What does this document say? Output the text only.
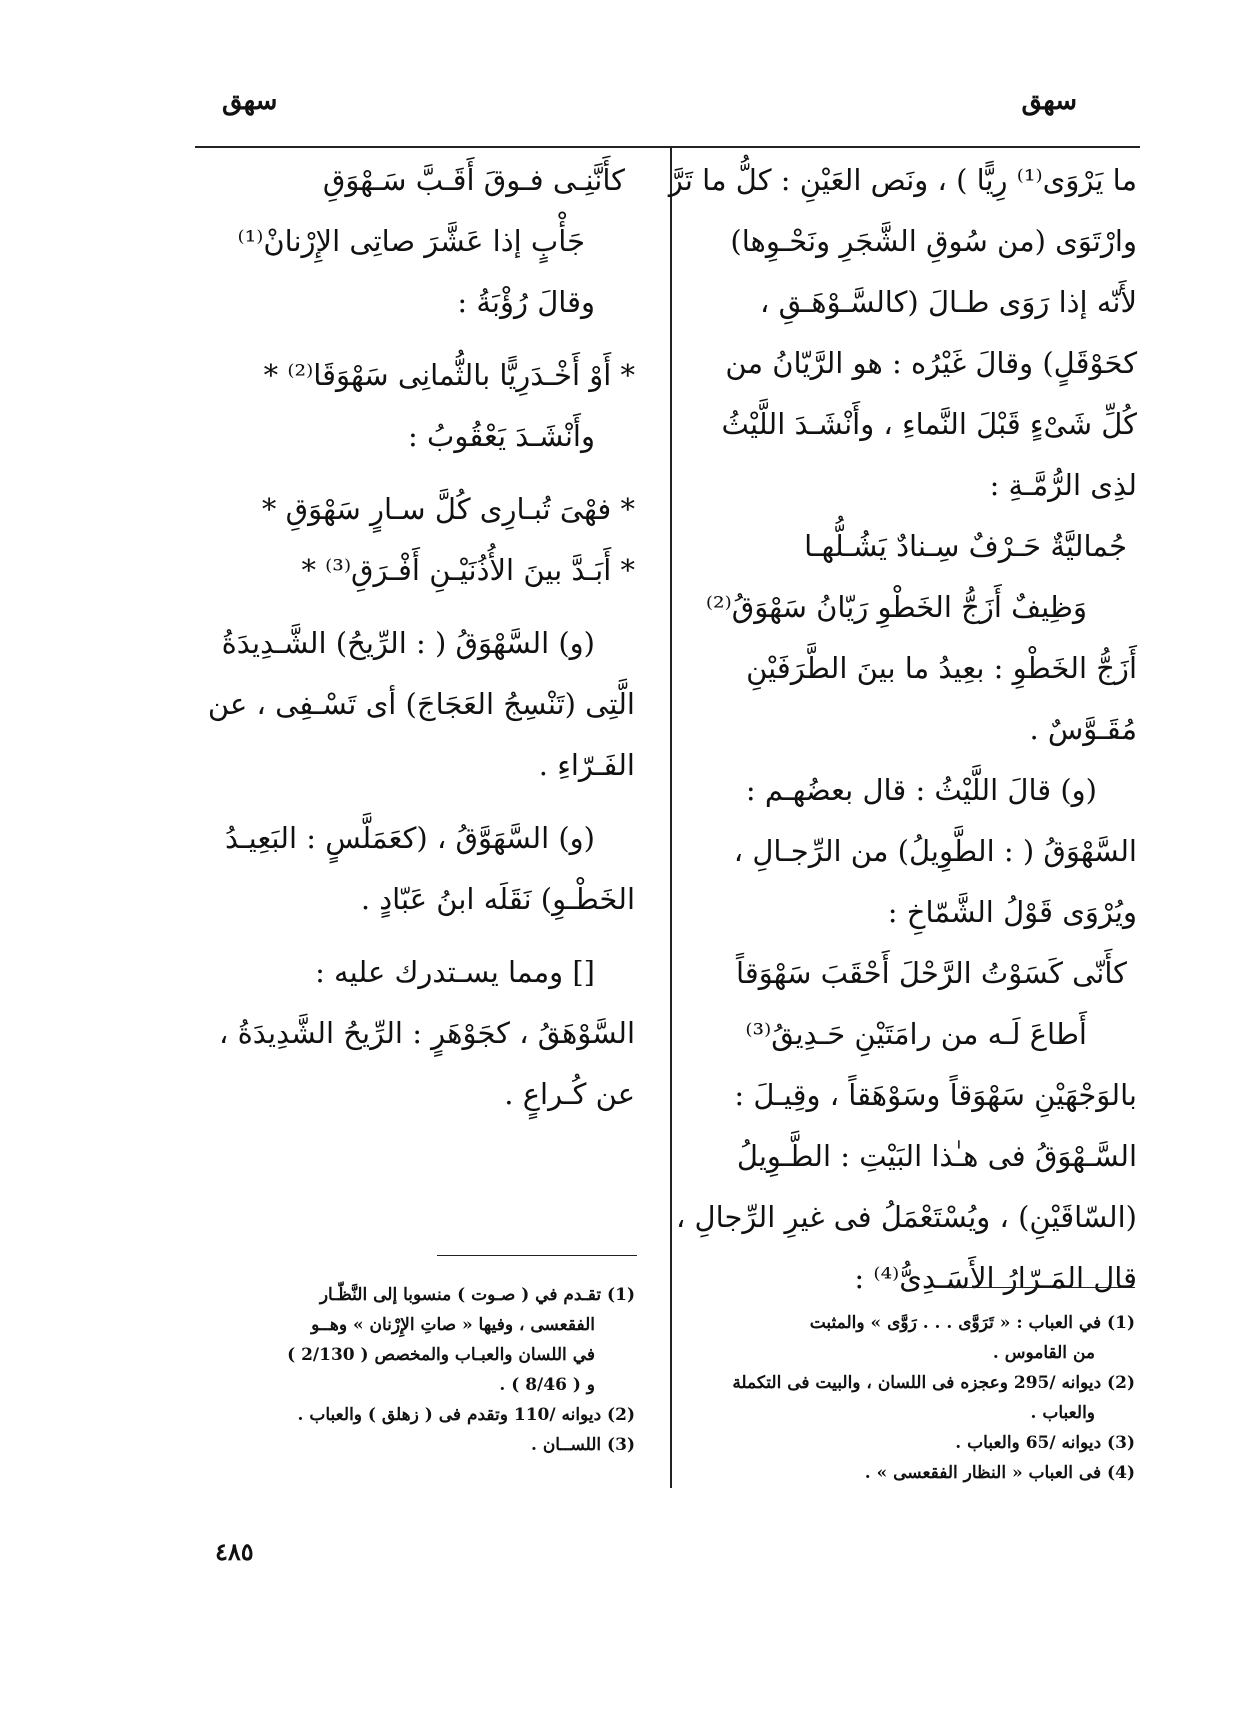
سهق
سهق

ما يَرْوَى⁽¹⁾ رِيًّا ) ، ونَص العَيْنِ : كلُّ ما تَرَّ

وارْتَوَى (من سُوقِ الشَّجَرِ ونَحْـوِها)

لأَنّه إذا رَوَى طـالَ (كالسَّـوْهَـقِ ،

كحَوْقَلٍ) وقالَ غَيْرُه : هو الرَّيّانُ من

كُلِّ شَىْءٍ قَبْلَ النَّماءِ ، وأَنْشَـدَ اللَّيْثُ

لذِى الرُّمَّـةِ :

جُماليَّةٌ حَـرْفٌ سِـنادٌ يَشُـلُّهـا

وَظِيفٌ أَزَجُّ الخَطْوِ رَيّانُ سَهْوَقُ⁽²⁾

أَزَجُّ الخَطْوِ : بعِيدُ ما بينَ الطَّرَفَيْنِ

مُقَـوَّسٌ .

(و) قالَ اللَّيْثُ : قال بعضُهـم :

السَّهْوَقُ ( : الطَّوِيلُ) من الرِّجـالِ ،

ويُرْوَى قَوْلُ الشَّمّاخِ :

كأَنّى كَسَوْتُ الرَّحْلَ أَحْقَبَ سَهْوَقاً

أَطاعَ لَـه من رامَتَيْنِ حَـدِيقُ⁽³⁾

بالوَجْهَيْنِ سَهْوَقاً وسَوْهَقاً ، وقِيـلَ :

السَّـهْوَقُ فى هـٰذا البَيْتِ : الطَّـوِيلُ

(السّاقَيْنِ) ، ويُسْتَعْمَلُ فى غيرِ الرِّجالِ ،

قال المَـرّارُ الأَسَـدِىُّ⁽⁴⁾ :

كأَنَّنِـى فـوقَ أَقَـبَّ سَـهْوَقِ

جَأْبٍ إذا عَشَّرَ صاتِى الإِرْنانْ⁽¹⁾

وقالَ رُؤْبَةُ :

* أَوْ أَخْـدَرِيًّا بالثُّمانِى سَهْوَقَا⁽²⁾ *

وأَنْشَـدَ يَعْقُوبُ :

* فهْىَ تُبـارِى كُلَّ سـارٍ سَهْوَقِ *

* أَبَـدَّ بينَ الأُذُنَيْـنِ أَفْـرَقِ⁽³⁾ *

(و) السَّهْوَقُ ( : الرِّيحُ) الشَّـدِيدَةُ

الَّتِى (تَنْسِجُ العَجَاجَ) أى تَسْـفِى ، عن

الفَـرّاءِ .

(و) السَّهَوَّقُ ، (كعَمَلَّسٍ : البَعِيـدُ

الخَطْـوِ) نَقَلَه ابنُ عَبّادٍ .

[] ومما يسـتدرك عليه :

السَّوْهَقُ ، كجَوْهَرٍ : الرِّيحُ الشَّدِيدَةُ ،

عن كُـراعٍ .

(1) في العباب : « تَرَوَّى . . . رَوَّى » والمثبت

من القاموس .

(2) ديوانه /295 وعجزه فى اللسان ، والبيت فى التكملة

والعباب .

(3) ديوانه /65 والعباب .

(4) فى العباب « النظار الفقعسى » .

(1) تقـدم في ( صـوت ) منسوبا إلى النَّظّـار

الفقعسى ، وفيها « صاتِ الإِرْنان » وهــو

في اللسان والعبـاب والمخصص ( 2/130 )

و ( 8/46 ) .

(2) ديوانه /110 وتقدم فى ( زهلق ) والعباب .

(3) اللســان .

٤٨٥
